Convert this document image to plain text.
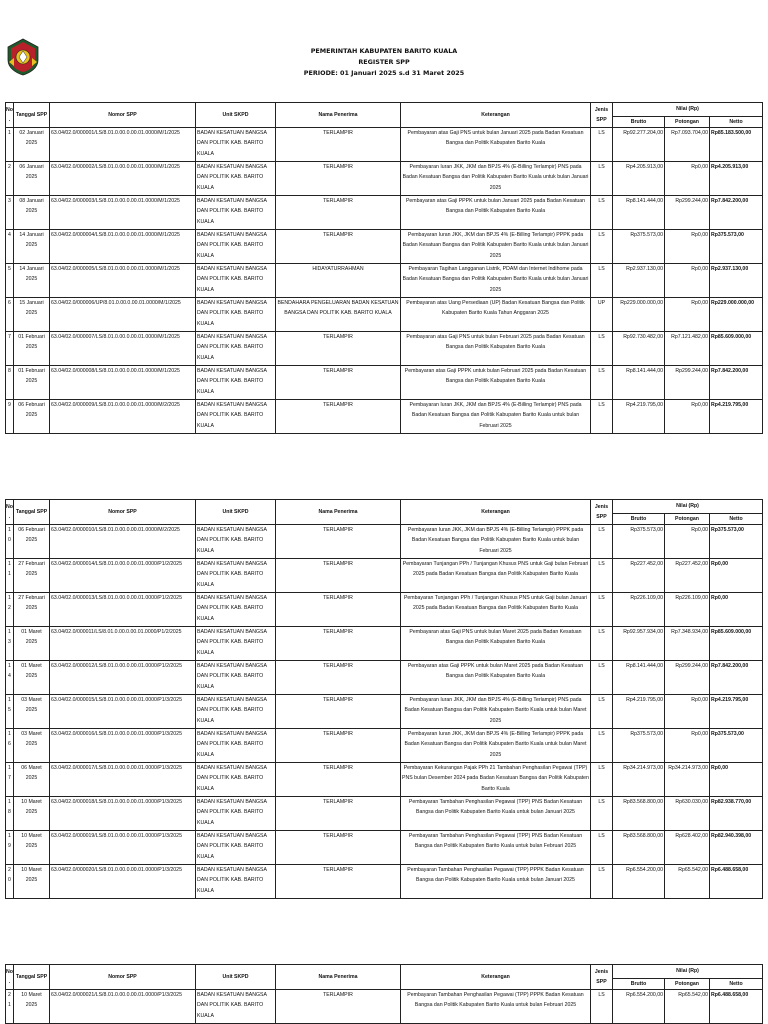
PEMERINTAH KABUPATEN BARITO KUALA
REGISTER SPP
PERIODE: 01 Januari 2025 s.d 31 Maret 2025
No.	Tanggal SPP	Nomor SPP	Unit SKPD	Nama Penerima	Keterangan	Jenis SPP	Nilai (Rp)		
							Brutto	Potongan	Netto
1	02 Januari 2025	63.04/02.0/000001/LS/8.01.0.00.0.00.01.0000/M/1/2025	BADAN KESATUAN BANGSA DAN POLITIK KAB. BARITO KUALA	TERLAMPIR	Pembayaran atas Gaji PNS untuk bulan Januari 2025 pada Badan Kesatuan Bangsa dan Politik Kabupaten Barito Kuala	LS	Rp92.277.204,00	Rp7.093.704,00	Rp85.183.500,00
2	06 Januari 2025	63.04/02.0/000002/LS/8.01.0.00.0.00.01.0000/M/1/2025	BADAN KESATUAN BANGSA DAN POLITIK KAB. BARITO KUALA	TERLAMPIR	Pembayaran Iuran JKK, JKM dan BPJS 4% (E-Billing Terlampir) PNS pada Badan Kesatuan Bangsa dan Politik Kabupaten Barito Kuala untuk bulan Januari 2025	LS	Rp4.205.913,00	Rp0,00	Rp4.205.913,00
3	08 Januari 2025	63.04/02.0/000003/LS/8.01.0.00.0.00.01.0000/M/1/2025	BADAN KESATUAN BANGSA DAN POLITIK KAB. BARITO KUALA	TERLAMPIR	Pembayaran atas Gaji PPPK untuk bulan Januari 2025 pada Badan Kesatuan Bangsa dan Politik Kabupaten Barito Kuala	LS	Rp8.141.444,00	Rp299.244,00	Rp7.842.200,00
4	14 Januari 2025	63.04/02.0/000004/LS/8.01.0.00.0.00.01.0000/M/1/2025	BADAN KESATUAN BANGSA DAN POLITIK KAB. BARITO KUALA	TERLAMPIR	Pembayaran Iuran JKK, JKM dan BPJS 4% (E-Billing Terlampir) PPPK pada Badan Kesatuan Bangsa dan Politik Kabupaten Barito Kuala untuk bulan Januari 2025	LS	Rp375.573,00	Rp0,00	Rp375.573,00
5	14 Januari 2025	63.04/02.0/000005/LS/8.01.0.00.0.00.01.0000/M/1/2025	BADAN KESATUAN BANGSA DAN POLITIK KAB. BARITO KUALA	HIDAYATURRAHMAN	Pembayaran Tagihan Langganan Listrik, PDAM dan Internet Indihome pada Badan Kesatuan Bangsa dan Politik Kabupaten Barito Kuala untuk bulan Januari 2025	LS	Rp2.937.130,00	Rp0,00	Rp2.937.130,00
6	15 Januari 2025	63.04/02.0/000006/UP/8.01.0.00.0.00.01.0000/M/1/2025	BADAN KESATUAN BANGSA DAN POLITIK KAB. BARITO KUALA	BENDAHARA PENGELUARAN BADAN KESATUAN BANGSA DAN POLITIK KAB. BARITO KUALA	Pembayaran atas Uang Persediaan (UP) Badan Kesatuan Bangsa dan Politik Kabupaten Barito Kuala Tahun Anggaran 2025	UP	Rp229.000.000,00	Rp0,00	Rp229.000.000,00
7	01 Februari 2025	63.04/02.0/000007/LS/8.01.0.00.0.00.01.0000/M/1/2025	BADAN KESATUAN BANGSA DAN POLITIK KAB. BARITO KUALA	TERLAMPIR	Pembayaran atas Gaji PNS untuk bulan Februari 2025 pada Badan Kesatuan Bangsa dan Politik Kabupaten Barito Kuala	LS	Rp92.730.482,00	Rp7.121.482,00	Rp85.609.000,00
8	01 Februari 2025	63.04/02.0/000008/LS/8.01.0.00.0.00.01.0000/M/1/2025	BADAN KESATUAN BANGSA DAN POLITIK KAB. BARITO KUALA	TERLAMPIR	Pembayaran atas Gaji PPPK untuk bulan Februari 2025 pada Badan Kesatuan Bangsa dan Politik Kabupaten Barito Kuala	LS	Rp8.141.444,00	Rp299.244,00	Rp7.842.200,00
9	06 Februari 2025	63.04/02.0/000009/LS/8.01.0.00.0.00.01.0000/M/2/2025	BADAN KESATUAN BANGSA DAN POLITIK KAB. BARITO KUALA	TERLAMPIR	Pembayaran Iuran JKK, JKM dan BPJS 4% (E-Billing Terlampir) PNS pada Badan Kesatuan Bangsa dan Politik Kabupaten Barito Kuala untuk bulan Februari 2025	LS	Rp4.219.795,00	Rp0,00	Rp4.219.795,00
No.	Tanggal SPP	Nomor SPP	Unit SKPD	Nama Penerima	Keterangan	Jenis SPP	Nilai (Rp)		
							Brutto	Potongan	Netto
10	06 Februari 2025	63.04/02.0/000010/LS/8.01.0.00.0.00.01.0000/M/2/2025	BADAN KESATUAN BANGSA DAN POLITIK KAB. BARITO KUALA	TERLAMPIR	Pembayaran Iuran JKK, JKM dan BPJS 4% (E-Billing Terlampir) PPPK pada Badan Kesatuan Bangsa dan Politik Kabupaten Barito Kuala untuk bulan Februari 2025	LS	Rp375.573,00	Rp0,00	Rp375.573,00
11	27 Februari 2025	63.04/02.0/000014/LS/8.01.0.00.0.00.01.0000/P1/2/2025	BADAN KESATUAN BANGSA DAN POLITIK KAB. BARITO KUALA	TERLAMPIR	Pembayaran Tunjangan PPh / Tunjangan Khusus PNS untuk Gaji bulan Februari 2025 pada Badan Kesatuan Bangsa dan Politik Kabupaten Barito Kuala	LS	Rp227.452,00	Rp227.452,00	Rp0,00
12	27 Februari 2025	63.04/02.0/000013/LS/8.01.0.00.0.00.01.0000/P1/2/2025	BADAN KESATUAN BANGSA DAN POLITIK KAB. BARITO KUALA	TERLAMPIR	Pembayaran Tunjangan PPh / Tunjangan Khusus PNS untuk Gaji bulan Januari 2025 pada Badan Kesatuan Bangsa dan Politik Kabupaten Barito Kuala	LS	Rp226.109,00	Rp226.109,00	Rp0,00
13	01 Maret 2025	63.04/02.0/000011/LS/8.01.0.00.0.00.01.0000/P1/2/2025	BADAN KESATUAN BANGSA DAN POLITIK KAB. BARITO KUALA	TERLAMPIR	Pembayaran atas Gaji PNS untuk bulan Maret 2025 pada Badan Kesatuan Bangsa dan Politik Kabupaten Barito Kuala	LS	Rp92.957.934,00	Rp7.348.934,00	Rp85.609.000,00
14	01 Maret 2025	63.04/02.0/000012/LS/8.01.0.00.0.00.01.0000/P1/2/2025	BADAN KESATUAN BANGSA DAN POLITIK KAB. BARITO KUALA	TERLAMPIR	Pembayaran atas Gaji PPPK untuk bulan Maret 2025 pada Badan Kesatuan Bangsa dan Politik Kabupaten Barito Kuala	LS	Rp8.141.444,00	Rp299.244,00	Rp7.842.200,00
15	03 Maret 2025	63.04/02.0/000015/LS/8.01.0.00.0.00.01.0000/P1/3/2025	BADAN KESATUAN BANGSA DAN POLITIK KAB. BARITO KUALA	TERLAMPIR	Pembayaran Iuran JKK, JKM dan BPJS 4% (E-Billing Terlampir) PNS pada Badan Kesatuan Bangsa dan Politik Kabupaten Barito Kuala untuk bulan Maret 2025	LS	Rp4.219.795,00	Rp0,00	Rp4.219.795,00
16	03 Maret 2025	63.04/02.0/000016/LS/8.01.0.00.0.00.01.0000/P1/3/2025	BADAN KESATUAN BANGSA DAN POLITIK KAB. BARITO KUALA	TERLAMPIR	Pembayaran Iuran JKK, JKM dan BPJS 4% (E-Billing Terlampir) PPPK pada Badan Kesatuan Bangsa dan Politik Kabupaten Barito Kuala untuk bulan Maret 2025	LS	Rp375.573,00	Rp0,00	Rp375.573,00
17	06 Maret 2025	63.04/02.0/000017/LS/8.01.0.00.0.00.01.0000/P1/3/2025	BADAN KESATUAN BANGSA DAN POLITIK KAB. BARITO KUALA	TERLAMPIR	Pembayaran Kekurangan Pajak PPh 21 Tambahan Penghasilan Pegawai (TPP) PNS bulan Desember 2024 pada Badan Kesatuan Bangsa dan Politik Kabupaten Barito Kuala	LS	Rp34.214.973,00	Rp34.214.973,00	Rp0,00
18	10 Maret 2025	63.04/02.0/000018/LS/8.01.0.00.0.00.01.0000/P1/3/2025	BADAN KESATUAN BANGSA DAN POLITIK KAB. BARITO KUALA	TERLAMPIR	Pembayaran Tambahan Penghasilan Pegawai (TPP) PNS Badan Kesatuan Bangsa dan Politik Kabupaten Barito Kuala untuk bulan Januari 2025	LS	Rp83.568.800,00	Rp630.030,00	Rp82.938.770,00
19	10 Maret 2025	63.04/02.0/000019/LS/8.01.0.00.0.00.01.0000/P1/3/2025	BADAN KESATUAN BANGSA DAN POLITIK KAB. BARITO KUALA	TERLAMPIR	Pembayaran Tambahan Penghasilan Pegawai (TPP) PNS Badan Kesatuan Bangsa dan Politik Kabupaten Barito Kuala untuk bulan Februari 2025	LS	Rp83.568.800,00	Rp628.402,00	Rp82.940.398,00
20	10 Maret 2025	63.04/02.0/000020/LS/8.01.0.00.0.00.01.0000/P1/3/2025	BADAN KESATUAN BANGSA DAN POLITIK KAB. BARITO KUALA	TERLAMPIR	Pembayaran Tambahan Penghasilan Pegawai (TPP) PPPK Badan Kesatuan Bangsa dan Politik Kabupaten Barito Kuala untuk bulan Januari 2025	LS	Rp6.554.200,00	Rp65.542,00	Rp6.488.658,00
No.	Tanggal SPP	Nomor SPP	Unit SKPD	Nama Penerima	Keterangan	Jenis SPP	Nilai (Rp)		
							Brutto	Potongan	Netto
21	10 Maret 2025	63.04/02.0/000021/LS/8.01.0.00.0.00.01.0000/P1/3/2025	BADAN KESATUAN BANGSA DAN POLITIK KAB. BARITO KUALA	TERLAMPIR	Pembayaran Tambahan Penghasilan Pegawai (TPP) PPPK Badan Kesatuan Bangsa dan Politik Kabupaten Barito Kuala untuk bulan Februari 2025	LS	Rp6.554.200,00	Rp65.542,00	Rp6.488.658,00
